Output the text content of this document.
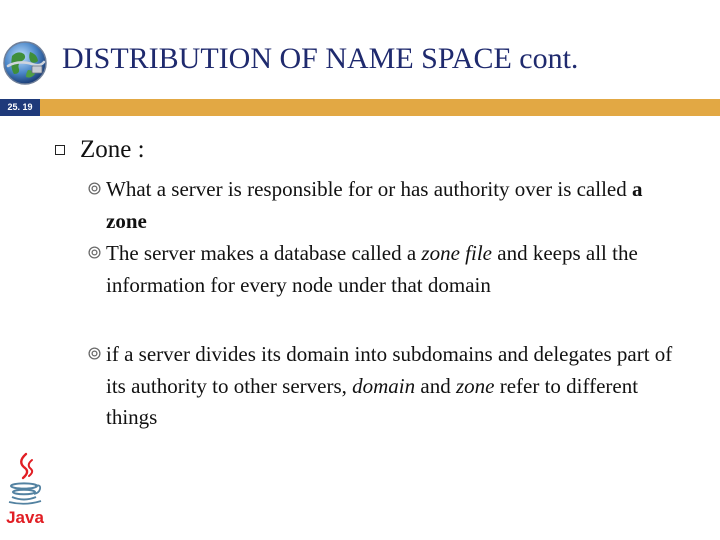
DISTRIBUTION OF NAME SPACE cont.
25. 19
Zone :
What a server is responsible for or has authority over is called a zone
The server makes a database called a zone file and keeps all the information for every node under that domain
if a server divides its domain into subdomains and delegates part of its authority to other servers, domain and zone refer to different things
Java
